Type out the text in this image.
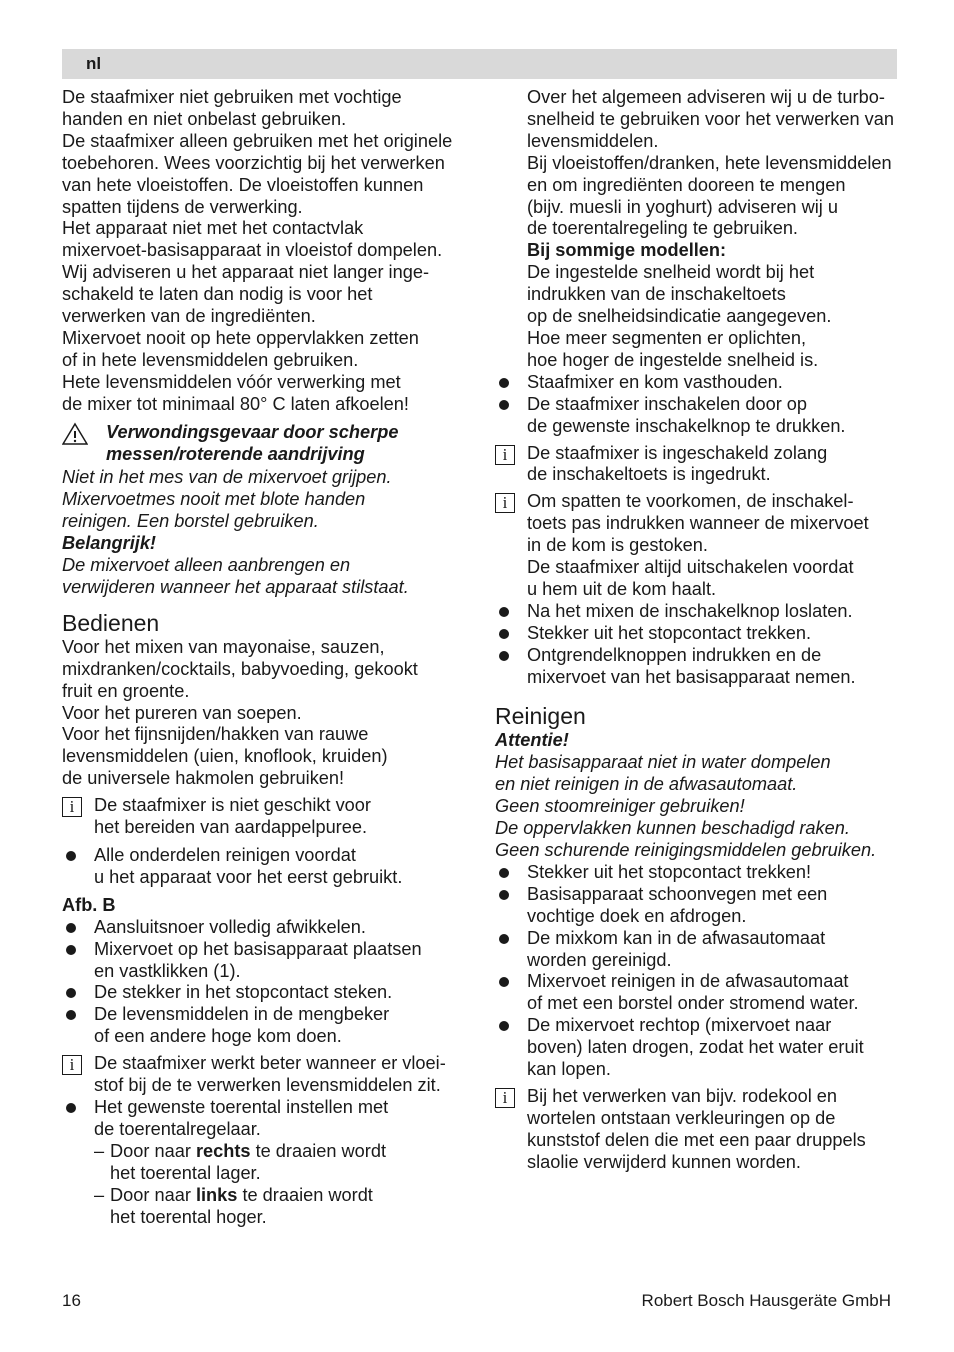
nl
De staafmixer niet gebruiken met vochtige
handen en niet onbelast gebruiken.
De staafmixer alleen gebruiken met het originele
toebehoren. Wees voorzichtig bij het verwerken
van hete vloeistoffen. De vloeistoffen kunnen
spatten tijdens de verwerking.
Het apparaat niet met het contactvlak
mixervoet-basisapparaat in vloeistof dompelen.
Wij adviseren u het apparaat niet langer inge-
schakeld te laten dan nodig is voor het
verwerken van de ingrediënten.
Mixervoet nooit op hete oppervlakken zetten
of in hete levensmiddelen gebruiken.
Hete levensmiddelen vóór verwerking met
de mixer tot minimaal 80° C laten afkoelen!
Verwondingsgevaar door scherpe
messen/roterende aandrijving
Niet in het mes van de mixervoet grijpen.
Mixervoetmes nooit met blote handen
reinigen. Een borstel gebruiken.
Belangrijk!
De mixervoet alleen aanbrengen en
verwijderen wanneer het apparaat stilstaat.
Bedienen
Voor het mixen van mayonaise, sauzen,
mixdranken/cocktails, babyvoeding, gekookt
fruit en groente.
Voor het pureren van soepen.
Voor het fijnsnijden/hakken van rauwe
levensmiddelen (uien, knoflook, kruiden)
de universele hakmolen gebruiken!
i	De staafmixer is niet geschikt voor
het bereiden van aardappelpuree.
Alle onderdelen reinigen voordat
u het apparaat voor het eerst gebruikt.
Afb. B
Aansluitsnoer volledig afwikkelen.
Mixervoet op het basisapparaat plaatsen
en vastklikken (1).
De stekker in het stopcontact steken.
De levensmiddelen in de mengbeker
of een andere hoge kom doen.
i	De staafmixer werkt beter wanneer er vloei-
stof bij de te verwerken levensmiddelen zit.
Het gewenste toerental instellen met
de toerentalregelaar.
– Door naar rechts te draaien wordt
het toerental lager.
– Door naar links te draaien wordt
het toerental hoger.
Over het algemeen adviseren wij u de turbo-
snelheid te gebruiken voor het verwerken van
levensmiddelen.
Bij vloeistoffen/dranken, hete levensmiddelen
en om ingrediënten dooreen te mengen
(bijv. muesli in yoghurt) adviseren wij u
de toerentalregeling te gebruiken.
Bij sommige modellen:
De ingestelde snelheid wordt bij het
indrukken van de inschakeltoets
op de snelheidsindicatie aangegeven.
Hoe meer segmenten er oplichten,
hoe hoger de ingestelde snelheid is.
Staafmixer en kom vasthouden.
De staafmixer inschakelen door op
de gewenste inschakelknop te drukken.
i	De staafmixer is ingeschakeld zolang
de inschakeltoets is ingedrukt.
i	Om spatten te voorkomen, de inschakel-
toets pas indrukken wanneer de mixervoet
in de kom is gestoken.
De staafmixer altijd uitschakelen voordat
u hem uit de kom haalt.
Na het mixen de inschakelknop loslaten.
Stekker uit het stopcontact trekken.
Ontgrendelknoppen indrukken en de
mixervoet van het basisapparaat nemen.
Reinigen
Attentie!
Het basisapparaat niet in water dompelen
en niet reinigen in de afwasautomaat.
Geen stoomreiniger gebruiken!
De oppervlakken kunnen beschadigd raken.
Geen schurende reinigingsmiddelen gebruiken.
Stekker uit het stopcontact trekken!
Basisapparaat schoonvegen met een
vochtige doek en afdrogen.
De mixkom kan in de afwasautomaat
worden gereinigd.
Mixervoet reinigen in de afwasautomaat
of met een borstel onder stromend water.
De mixervoet rechtop (mixervoet naar
boven) laten drogen, zodat het water eruit
kan lopen.
i	Bij het verwerken van bijv. rodekool en
wortelen ontstaan verkleuringen op de
kunststof delen die met een paar druppels
slaolie verwijderd kunnen worden.
16	Robert Bosch Hausgeräte GmbH
